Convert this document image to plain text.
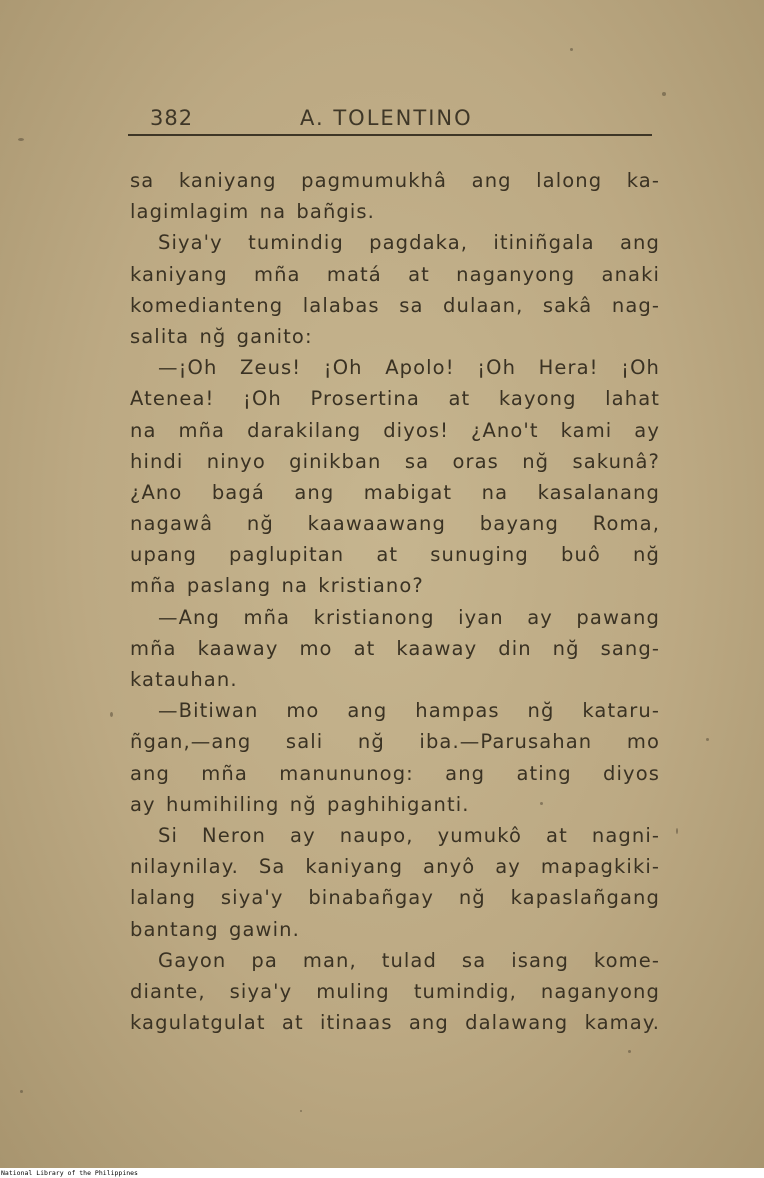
382	A. TOLENTINO
sa kaniyang pagmumukhâ ang lalong ka-
lagimlagim na bañgis.
Siya'y tumindig pagdaka, itiniñgala ang
kaniyang mña matá at naganyong anaki
komedianteng lalabas sa dulaan, sakâ nag-
salita nğ ganito:
—¡Oh Zeus! ¡Oh Apolo! ¡Oh Hera! ¡Oh
Atenea! ¡Oh Prosertina at kayong lahat
na mña darakilang diyos! ¿Ano't kami ay
hindi ninyo ginikban sa oras nğ sakunâ?
¿Ano bagá ang mabigat na kasalanang
nagawâ nğ kaawaawang bayang Roma,
upang paglupitan at sunuging buô nğ
mña paslang na kristiano?
—Ang mña kristianong iyan ay pawang
mña kaaway mo at kaaway din nğ sang-
katauhan.
—Bitiwan mo ang hampas nğ kataru-
ñgan,—ang sali nğ iba.—Parusahan mo
ang mña manununog: ang ating diyos
ay humihiling nğ paghihiganti.
Si Neron ay naupo, yumukô at nagni-
nilaynilay. Sa kaniyang anyô ay mapagkiki-
lalang siya'y binabañgay nğ kapaslañgang
bantang gawin.
Gayon pa man, tulad sa isang kome-
diante, siya'y muling tumindig, naganyong
kagulatgulat at itinaas ang dalawang kamay.
National Library of the Philippines
